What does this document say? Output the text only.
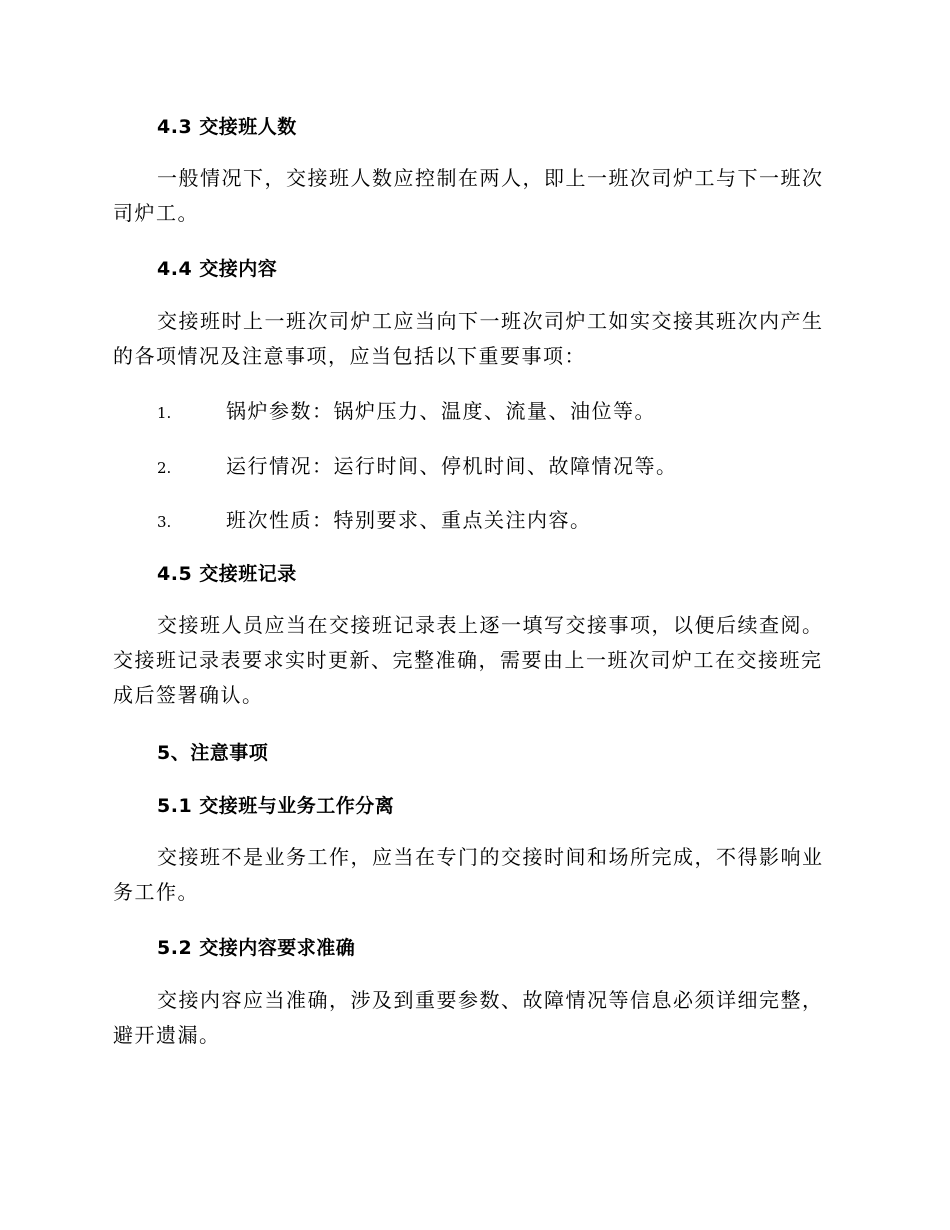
4.3 交接班人数
一般情况下，交接班人数应控制在两人，即上一班次司炉工与下一班次司炉工。
4.4 交接内容
交接班时上一班次司炉工应当向下一班次司炉工如实交接其班次内产生的各项情况及注意事项，应当包括以下重要事项：
1.	锅炉参数：锅炉压力、温度、流量、油位等。
2.	运行情况：运行时间、停机时间、故障情况等。
3.	班次性质：特别要求、重点关注内容。
4.5 交接班记录
交接班人员应当在交接班记录表上逐一填写交接事项，以便后续查阅。交接班记录表要求实时更新、完整准确，需要由上一班次司炉工在交接班完成后签署确认。
5、注意事项
5.1 交接班与业务工作分离
交接班不是业务工作，应当在专门的交接时间和场所完成，不得影响业务工作。
5.2 交接内容要求准确
交接内容应当准确，涉及到重要参数、故障情况等信息必须详细完整，避开遗漏。
